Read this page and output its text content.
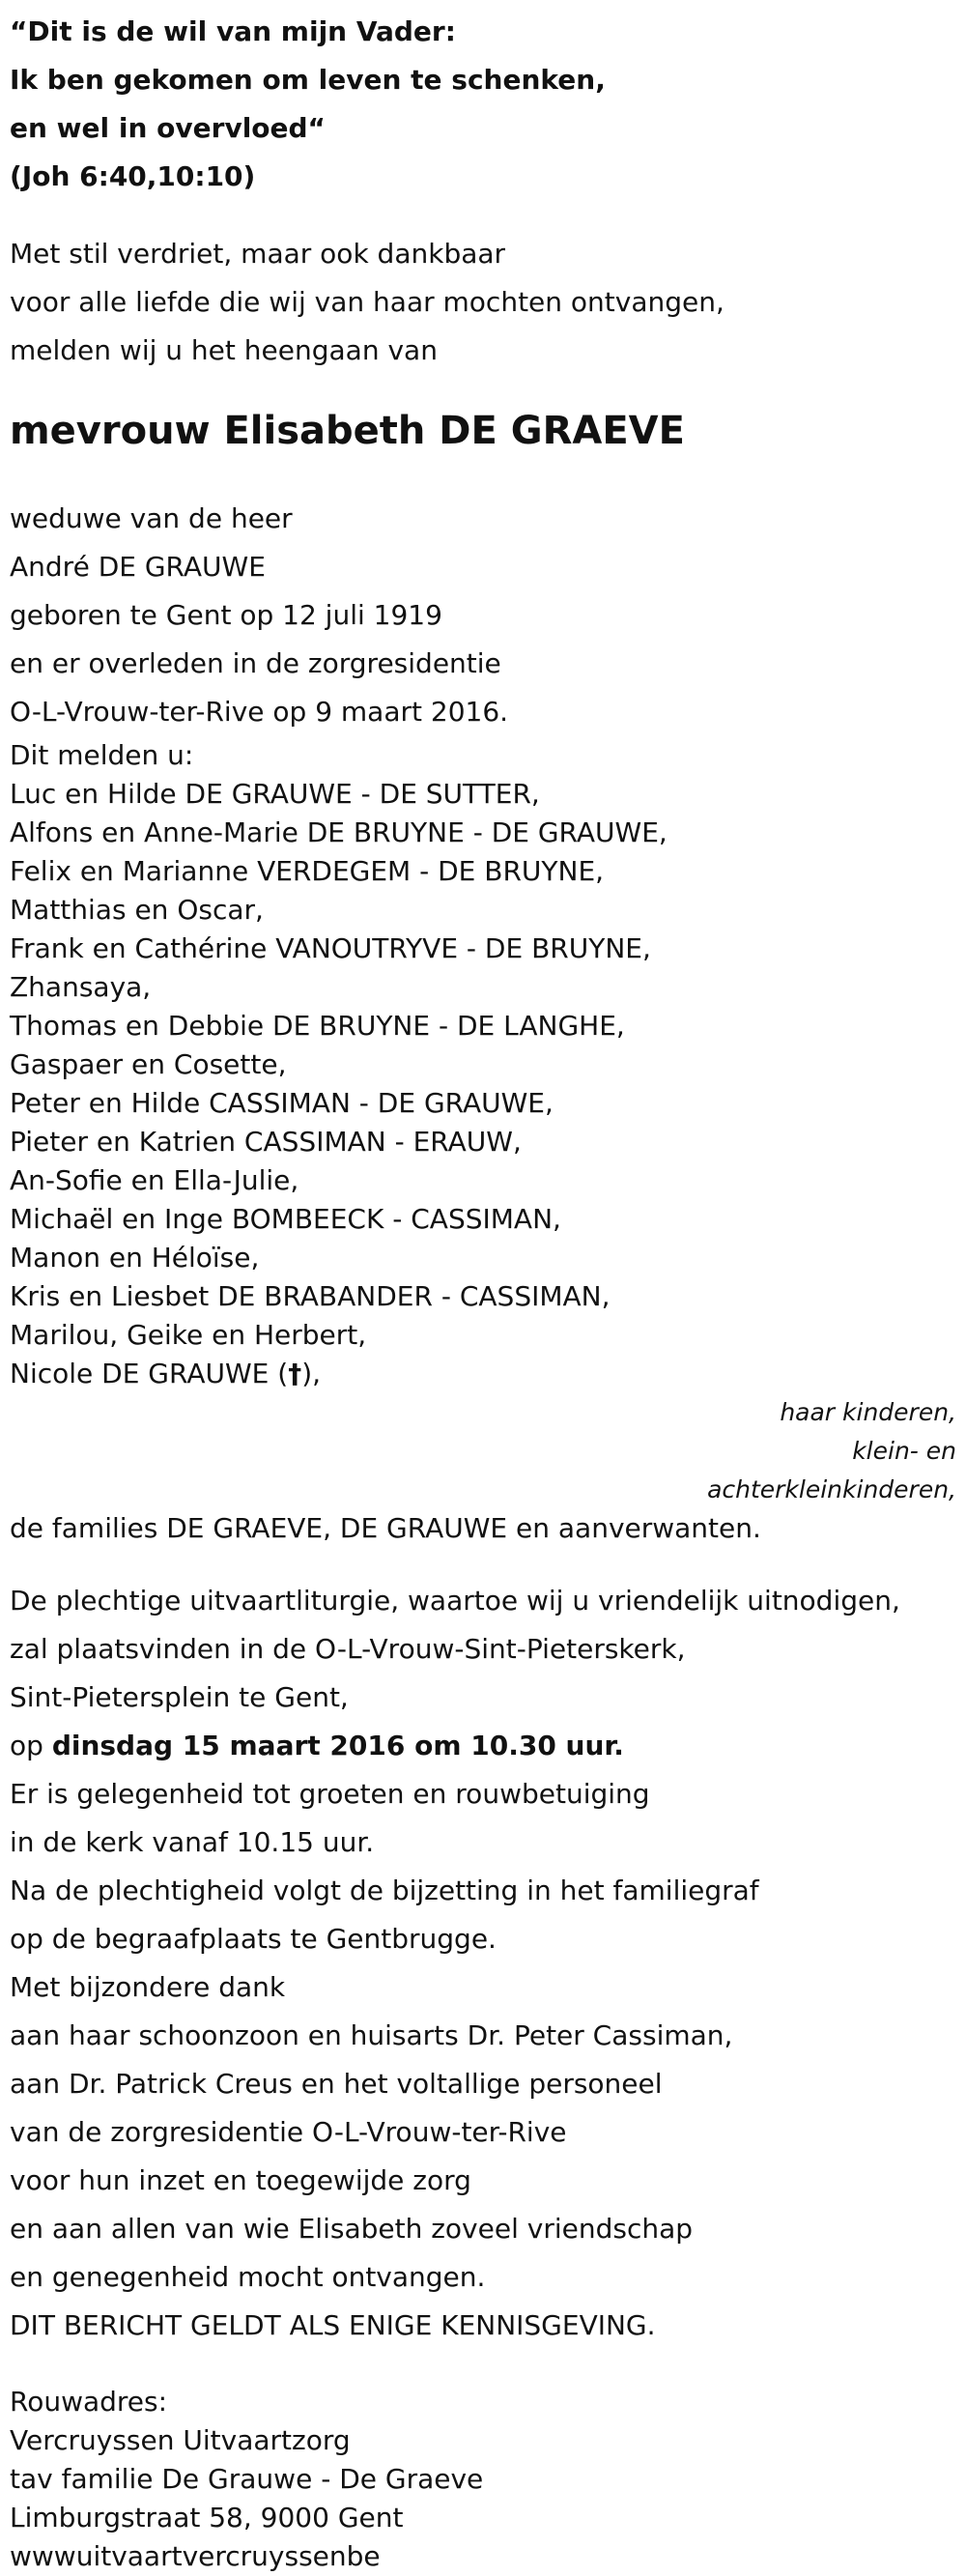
“Dit is de wil van mijn Vader:
Ik ben gekomen om leven te schenken,
en wel in overvloed“
(Joh 6:40,10:10)
Met stil verdriet, maar ook dankbaar
voor alle liefde die wij van haar mochten ontvangen,
melden wij u het heengaan van
mevrouw Elisabeth DE GRAEVE
weduwe van de heer
André DE GRAUWE
geboren te Gent op 12 juli 1919
en er overleden in de zorgresidentie
O-L-Vrouw-ter-Rive op 9 maart 2016.
Dit melden u:
Luc en Hilde DE GRAUWE - DE SUTTER,
Alfons en Anne-Marie DE BRUYNE - DE GRAUWE,
Felix en Marianne VERDEGEM - DE BRUYNE,
Matthias en Oscar,
Frank en Cathérine VANOUTRYVE - DE BRUYNE,
Zhansaya,
Thomas en Debbie DE BRUYNE - DE LANGHE,
Gaspaer en Cosette,
Peter en Hilde CASSIMAN - DE GRAUWE,
Pieter en Katrien CASSIMAN - ERAUW,
An-Sofie en Ella-Julie,
Michaël en Inge BOMBEECK - CASSIMAN,
Manon en Héloïse,
Kris en Liesbet DE BRABANDER - CASSIMAN,
Marilou, Geike en Herbert,
Nicole DE GRAUWE (†),
haar kinderen,
klein- en
achterkleinkinderen,
de families DE GRAEVE, DE GRAUWE en aanverwanten.
De plechtige uitvaartliturgie, waartoe wij u vriendelijk uitnodigen,
zal plaatsvinden in de O-L-Vrouw-Sint-Pieterskerk,
Sint-Pietersplein te Gent,
op dinsdag 15 maart 2016 om 10.30 uur.
Er is gelegenheid tot groeten en rouwbetuiging
in de kerk vanaf 10.15 uur.
Na de plechtigheid volgt de bijzetting in het familiegraf
op de begraafplaats te Gentbrugge.
Met bijzondere dank
aan haar schoonzoon en huisarts Dr. Peter Cassiman,
aan Dr. Patrick Creus en het voltallige personeel
van de zorgresidentie O-L-Vrouw-ter-Rive
voor hun inzet en toegewijde zorg
en aan allen van wie Elisabeth zoveel vriendschap
en genegenheid mocht ontvangen.
DIT BERICHT GELDT ALS ENIGE KENNISGEVING.
Rouwadres:
Vercruyssen Uitvaartzorg
tav familie De Grauwe - De Graeve
Limburgstraat 58, 9000 Gent
wwwuitvaartvercruyssenbe
